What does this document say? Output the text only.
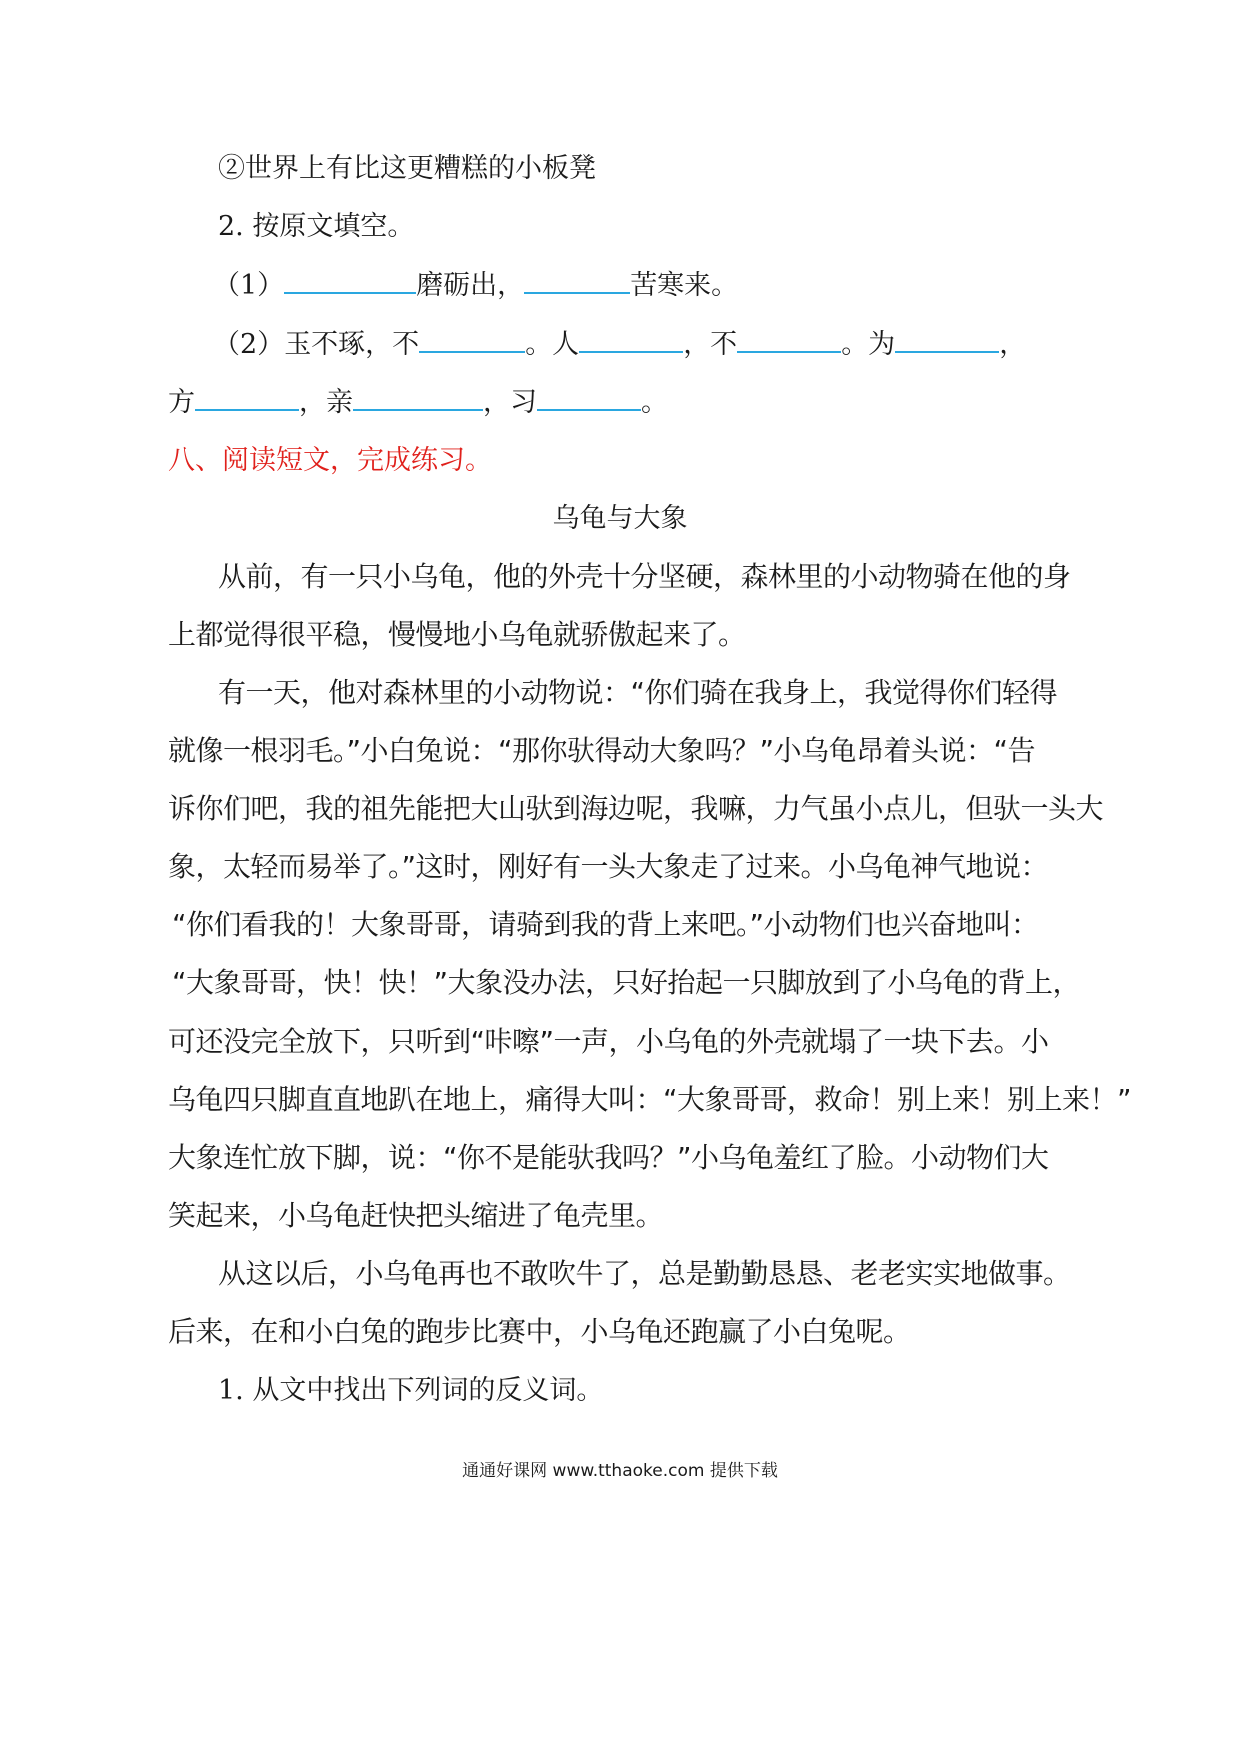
②世界上有比这更糟糕的小板凳
2. 按原文填空。
（1）	磨砺出，	苦寒来。
（2）玉不琢，不	。人	，不	。为	，
方	，亲	，习	。
八、阅读短文，完成练习。
乌龟与大象
从前，有一只小乌龟，他的外壳十分坚硬，森林里的小动物骑在他的身
上都觉得很平稳，慢慢地小乌龟就骄傲起来了。
有一天，他对森林里的小动物说：“你们骑在我身上，我觉得你们轻得
就像一根羽毛。”小白兔说：“那你驮得动大象吗？”小乌龟昂着头说：“告
诉你们吧，我的祖先能把大山驮到海边呢，我嘛，力气虽小点儿，但驮一头大
象，太轻而易举了。”这时，刚好有一头大象走了过来。小乌龟神气地说：
“你们看我的！大象哥哥，请骑到我的背上来吧。”小动物们也兴奋地叫：
“大象哥哥，快！快！”大象没办法，只好抬起一只脚放到了小乌龟的背上，
可还没完全放下，只听到“咔嚓”一声，小乌龟的外壳就塌了一块下去。小
乌龟四只脚直直地趴在地上，痛得大叫：“大象哥哥，救命！别上来！别上来！”
大象连忙放下脚，说：“你不是能驮我吗？”小乌龟羞红了脸。小动物们大
笑起来，小乌龟赶快把头缩进了龟壳里。
从这以后，小乌龟再也不敢吹牛了，总是勤勤恳恳、老老实实地做事。
后来，在和小白兔的跑步比赛中，小乌龟还跑赢了小白兔呢。
1. 从文中找出下列词的反义词。
通通好课网 www.tthaoke.com 提供下载
